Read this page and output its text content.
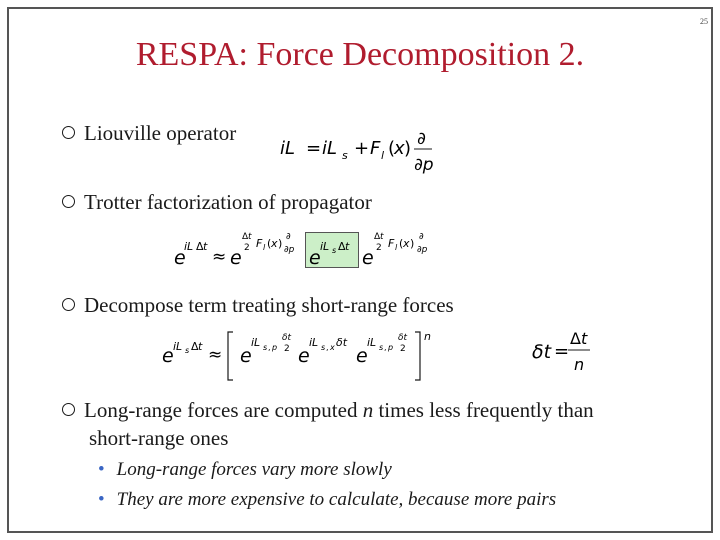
25
RESPA: Force Decomposition 2.
Liouville operator
iL = iL s + F l (
x ) ∂
∂p
Trotter factorization of propagator
e
iL Δ t
≈ e
Δ t
2 F l ( x ) ∂
∂p e
iL s Δ t
e
Δ t
2 F l ( x ) ∂
∂p
Decompose term treating short-range forces
e iL s Δ t ≈ e
iL s , p
δt
2 e
iL s , x δt
e
iL s , p
δt
2
n
δt =
Δ t
n
Long-range forces are computed n times less frequently than
short-range ones
• Long-range forces vary more slowly
• They are more expensive to calculate, because more pairs
